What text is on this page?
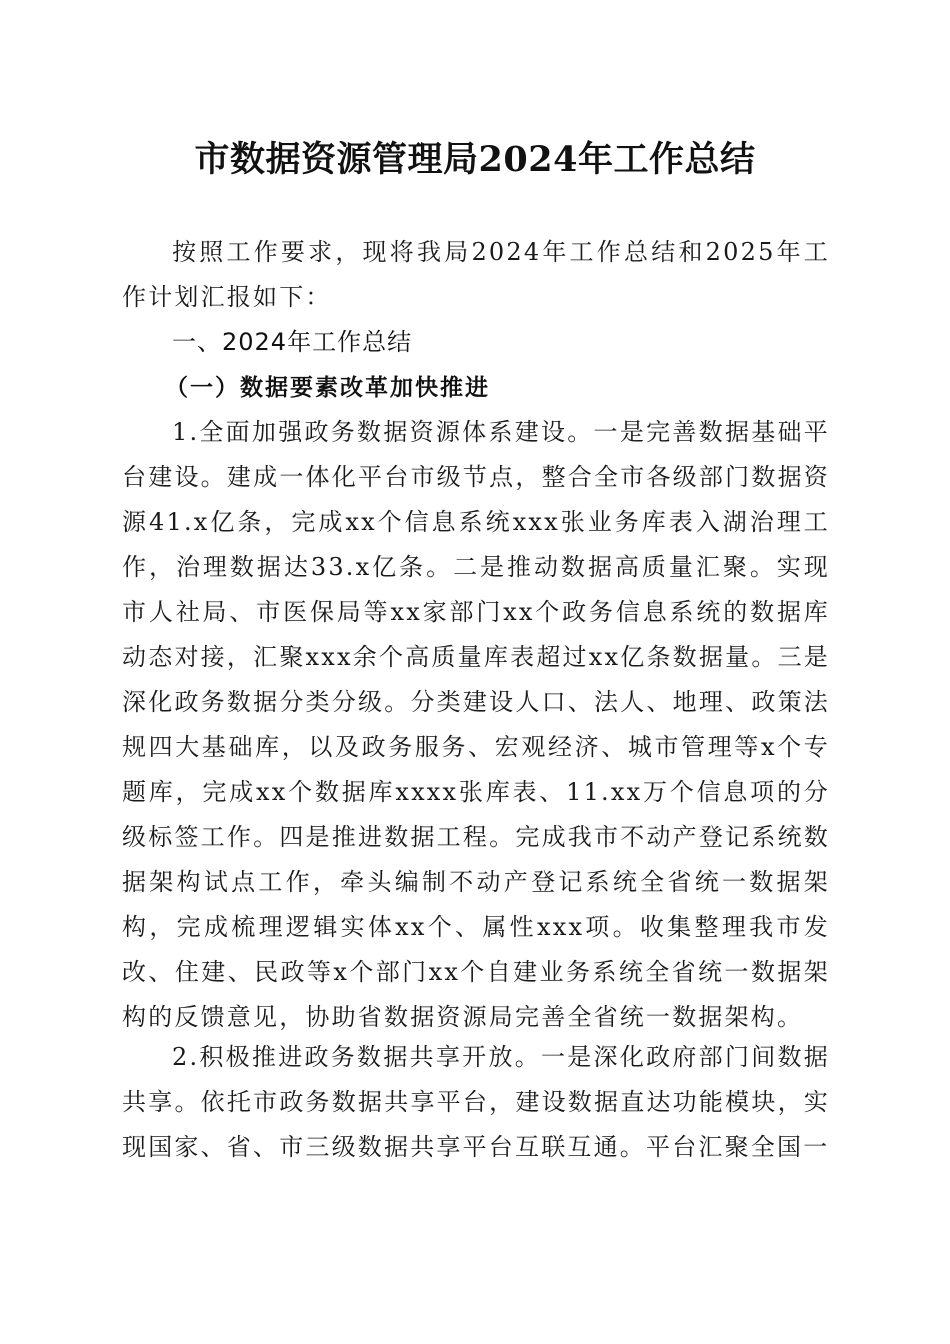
市数据资源管理局2024年工作总结

按照工作要求，现将我局2024年工作总结和2025年工作计划汇报如下：

一、2024年工作总结
（一）数据要素改革加快推进

1.全面加强政务数据资源体系建设。一是完善数据基础平台建设。建成一体化平台市级节点，整合全市各级部门数据资源41.x亿条，完成xx个信息系统xxx张业务库表入湖治理工作，治理数据达33.x亿条。二是推动数据高质量汇聚。实现市人社局、市医保局等xx家部门xx个政务信息系统的数据库动态对接，汇聚xxx余个高质量库表超过xx亿条数据量。三是深化政务数据分类分级。分类建设人口、法人、地理、政策法规四大基础库，以及政务服务、宏观经济、城市管理等x个专题库，完成xx个数据库xxxx张库表、11.xx万个信息项的分级标签工作。四是推进数据工程。完成我市不动产登记系统数据架构试点工作，牵头编制不动产登记系统全省统一数据架构，完成梳理逻辑实体xx个、属性xxx项。收集整理我市发改、住建、民政等x个部门xx个自建业务系统全省统一数据架构的反馈意见，协助省数据资源局完善全省统一数据架构。

2.积极推进政务数据共享开放。一是深化政府部门间数据共享。依托市政务数据共享平台，建设数据直达功能模块，实现国家、省、市三级数据共享平台互联互通。平台汇聚全国一
